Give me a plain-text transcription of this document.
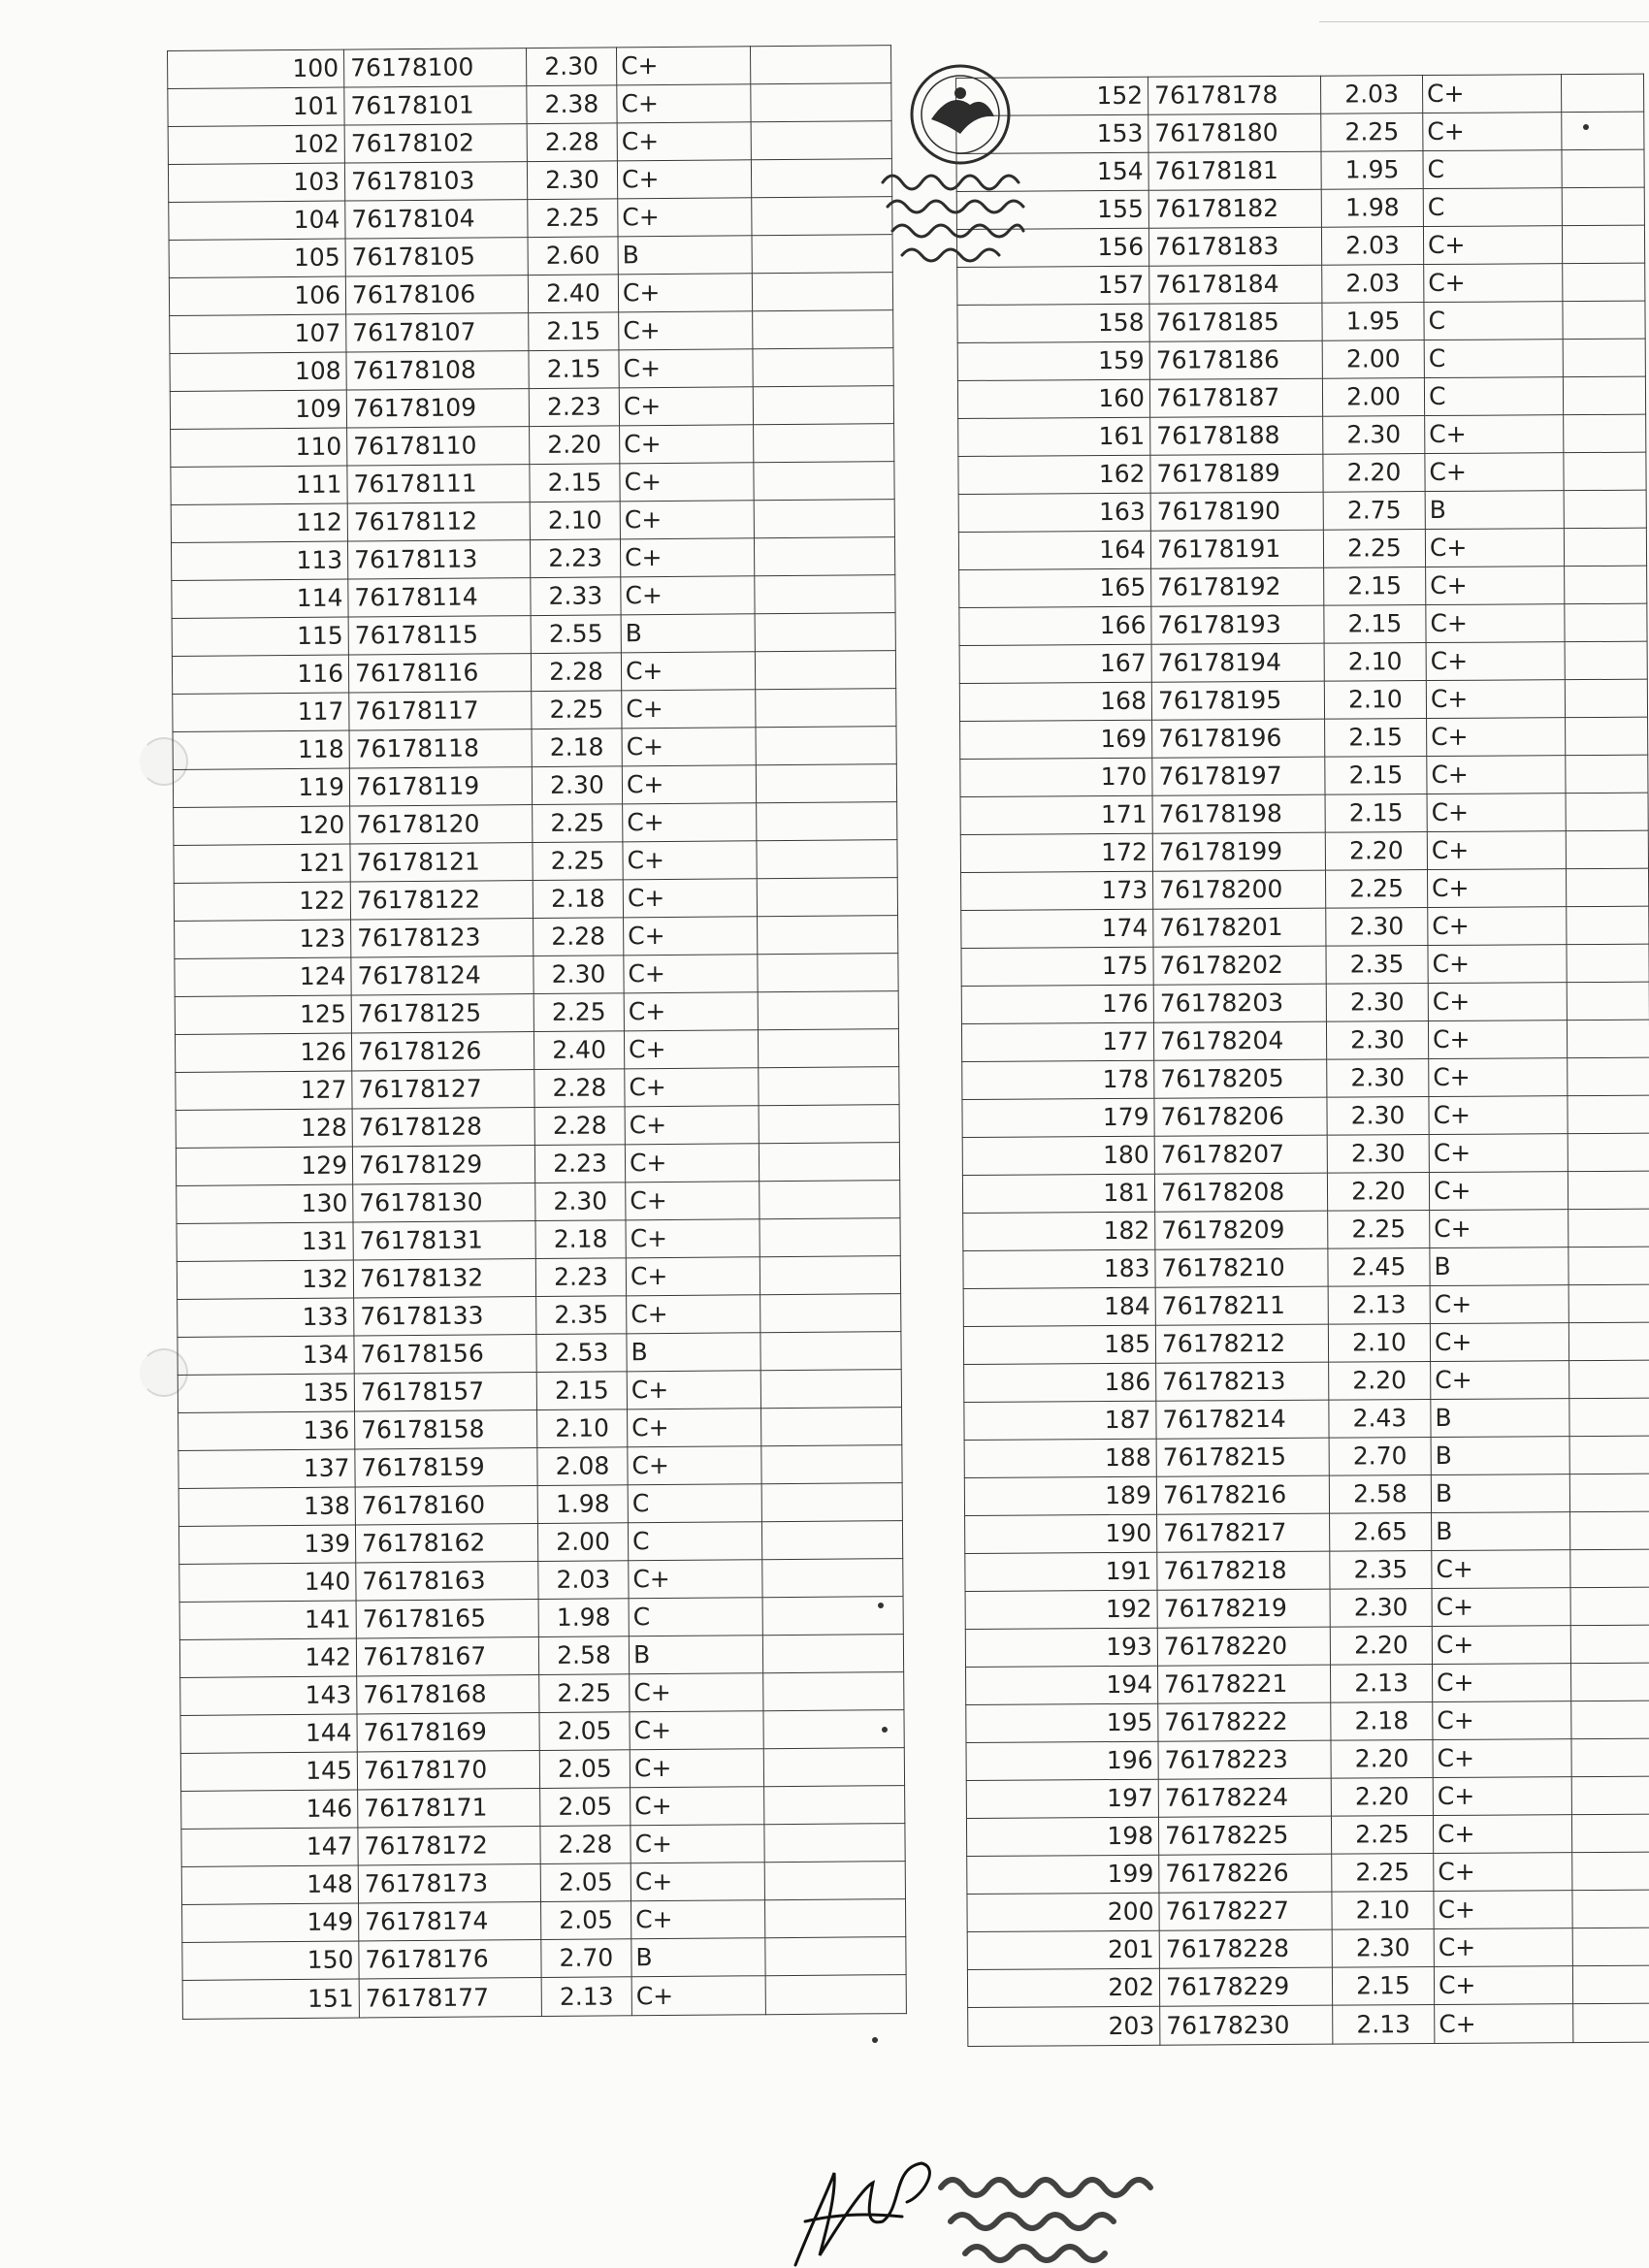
100	76178100	2.30	C+	
101	76178101	2.38	C+	
102	76178102	2.28	C+	
103	76178103	2.30	C+	
104	76178104	2.25	C+	
105	76178105	2.60	B	
106	76178106	2.40	C+	
107	76178107	2.15	C+	
108	76178108	2.15	C+	
109	76178109	2.23	C+	
110	76178110	2.20	C+	
111	76178111	2.15	C+	
112	76178112	2.10	C+	
113	76178113	2.23	C+	
114	76178114	2.33	C+	
115	76178115	2.55	B	
116	76178116	2.28	C+	
117	76178117	2.25	C+	
118	76178118	2.18	C+	
119	76178119	2.30	C+	
120	76178120	2.25	C+	
121	76178121	2.25	C+	
122	76178122	2.18	C+	
123	76178123	2.28	C+	
124	76178124	2.30	C+	
125	76178125	2.25	C+	
126	76178126	2.40	C+	
127	76178127	2.28	C+	
128	76178128	2.28	C+	
129	76178129	2.23	C+	
130	76178130	2.30	C+	
131	76178131	2.18	C+	
132	76178132	2.23	C+	
133	76178133	2.35	C+	
134	76178156	2.53	B	
135	76178157	2.15	C+	
136	76178158	2.10	C+	
137	76178159	2.08	C+	
138	76178160	1.98	C	
139	76178162	2.00	C	
140	76178163	2.03	C+	
141	76178165	1.98	C	
142	76178167	2.58	B	
143	76178168	2.25	C+	
144	76178169	2.05	C+	
145	76178170	2.05	C+	
146	76178171	2.05	C+	
147	76178172	2.28	C+	
148	76178173	2.05	C+	
149	76178174	2.05	C+	
150	76178176	2.70	B	
151	76178177	2.13	C+	
152	76178178	2.03	C+	
153	76178180	2.25	C+	
154	76178181	1.95	C	
155	76178182	1.98	C	
156	76178183	2.03	C+	
157	76178184	2.03	C+	
158	76178185	1.95	C	
159	76178186	2.00	C	
160	76178187	2.00	C	
161	76178188	2.30	C+	
162	76178189	2.20	C+	
163	76178190	2.75	B	
164	76178191	2.25	C+	
165	76178192	2.15	C+	
166	76178193	2.15	C+	
167	76178194	2.10	C+	
168	76178195	2.10	C+	
169	76178196	2.15	C+	
170	76178197	2.15	C+	
171	76178198	2.15	C+	
172	76178199	2.20	C+	
173	76178200	2.25	C+	
174	76178201	2.30	C+	
175	76178202	2.35	C+	
176	76178203	2.30	C+	
177	76178204	2.30	C+	
178	76178205	2.30	C+	
179	76178206	2.30	C+	
180	76178207	2.30	C+	
181	76178208	2.20	C+	
182	76178209	2.25	C+	
183	76178210	2.45	B	
184	76178211	2.13	C+	
185	76178212	2.10	C+	
186	76178213	2.20	C+	
187	76178214	2.43	B	
188	76178215	2.70	B	
189	76178216	2.58	B	
190	76178217	2.65	B	
191	76178218	2.35	C+	
192	76178219	2.30	C+	
193	76178220	2.20	C+	
194	76178221	2.13	C+	
195	76178222	2.18	C+	
196	76178223	2.20	C+	
197	76178224	2.20	C+	
198	76178225	2.25	C+	
199	76178226	2.25	C+	
200	76178227	2.10	C+	
201	76178228	2.30	C+	
202	76178229	2.15	C+	
203	76178230	2.13	C+	
